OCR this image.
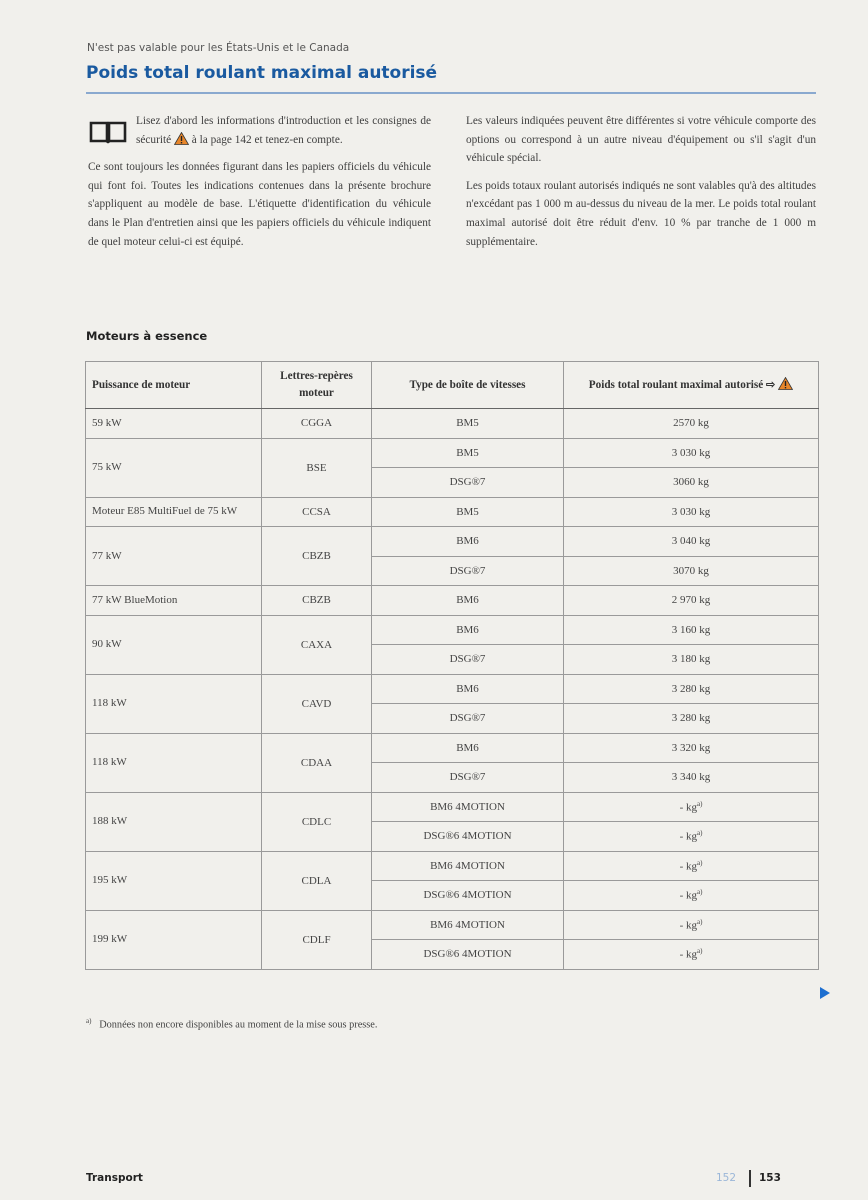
N'est pas valable pour les États-Unis et le Canada
Poids total roulant maximal autorisé

Lisez d'abord les informations d'introduction et les consignes de sécurité à la page 142 et tenez-en compte.

Ce sont toujours les données figurant dans les papiers officiels du véhicule qui font foi. Toutes les indications contenues dans la présente brochure s'appliquent au modèle de base. L'étiquette d'identification du véhicule dans le Plan d'entretien ainsi que les papiers officiels du véhicule indiquent de quel moteur celui-ci est équipé.

Les valeurs indiquées peuvent être différentes si votre véhicule comporte des options ou correspond à un autre niveau d'équipement ou s'il s'agit d'un véhicule spécial.

Les poids totaux roulant autorisés indiqués ne sont valables qu'à des altitudes n'excédant pas 1 000 m au-dessus du niveau de la mer. Le poids total roulant maximal autorisé doit être réduit d'env. 10 % par tranche de 1 000 m supplémentaire.

Moteurs à essence
Puissance de moteur	Lettres-repères moteur	Type de boîte de vitesses	Poids total roulant maximal autorisé ⇨
59 kW	CGGA	BM5	2570 kg
75 kW	BSE	BM5	3 030 kg
		DSG®7	3060 kg
Moteur E85 MultiFuel de 75 kW	CCSA	BM5	3 030 kg
77 kW	CBZB	BM6	3 040 kg
		DSG®7	3070 kg
77 kW BlueMotion	CBZB	BM6	2 970 kg
90 kW	CAXA	BM6	3 160 kg
		DSG®7	3 180 kg
118 kW	CAVD	BM6	3 280 kg
		DSG®7	3 280 kg
118 kW	CDAA	BM6	3 320 kg
		DSG®7	3 340 kg
188 kW	CDLC	BM6 4MOTION	- $kg^{a)}$
		DSG®6 4MOTION	- $kg^{a)}$
195 kW	CDLA	BM6 4MOTION	- $kg^{a)}$
		DSG®6 4MOTION	- $kg^{a)}$
199 kW	CDLF	BM6 4MOTION	- $kg^{a)}$
		DSG®6 4MOTION	- $kg^{a)}$
$^{a)}$ Données non encore disponibles au moment de la mise sous presse.
Transport	152 153
